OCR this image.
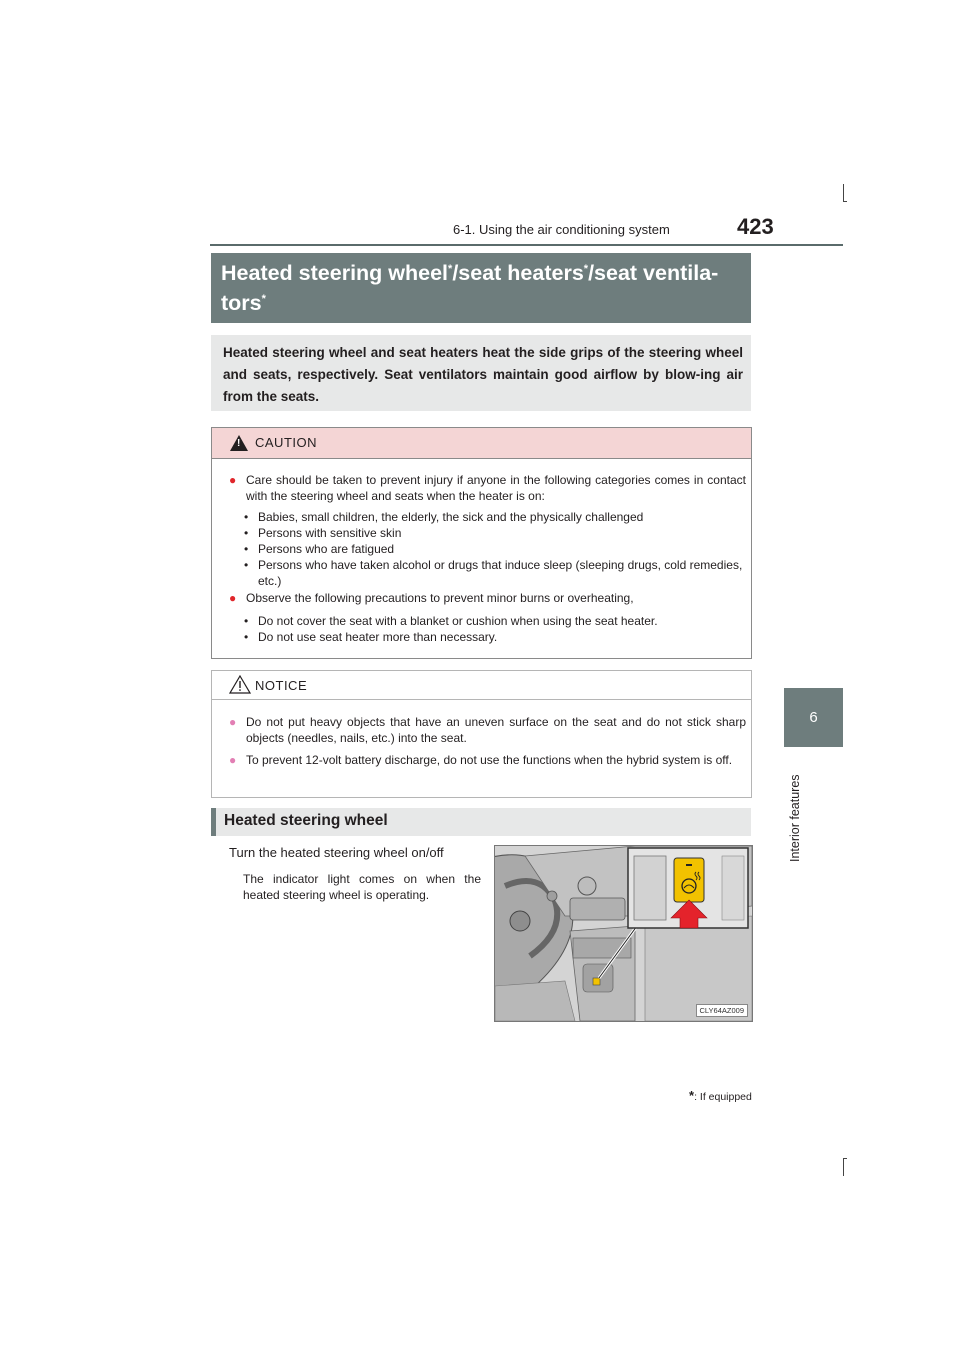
6-1. Using the air conditioning system	423
6
Interior features
Heated steering wheel*/seat heaters*/seat ventila-
tors*

Heated steering wheel and seat heaters heat the side grips of the steering wheel and seats, respectively. Seat ventilators maintain good airflow by blow-ing air from the seats.

! CAUTION
● Care should be taken to prevent injury if anyone in the following categories comes in contact with the steering wheel and seats when the heater is on:
• Babies, small children, the elderly, the sick and the physically challenged
• Persons with sensitive skin
• Persons who are fatigued
• Persons who have taken alcohol or drugs that induce sleep (sleeping drugs, cold remedies, etc.)
● Observe the following precautions to prevent minor burns or overheating,
• Do not cover the seat with a blanket or cushion when using the seat heater.
• Do not use seat heater more than necessary.
NOTICE
● Do not put heavy objects that have an uneven surface on the seat and do not stick sharp objects (needles, nails, etc.) into the seat.
● To prevent 12-volt battery discharge, do not use the functions when the hybrid system is off.
Heated steering wheel
Turn the heated steering wheel on/off
The indicator light comes on when the heated steering wheel is operating.
CLY64AZ009
*: If equipped
